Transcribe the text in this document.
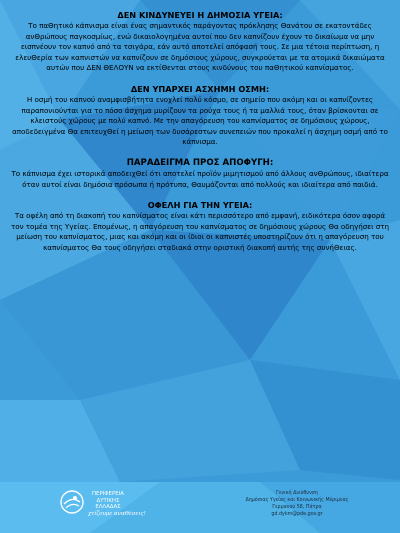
ΔΕΝ ΚΙΝΔΥΝΕΥΕΙ Η ΔΗΜΟΣΙΑ ΥΓΕΙΑ:

Το παΘητικό κάπνισμα είναι ένας σημαντικός παράγοντας πρόκλησης Θανάτου σε εκατοντάδες ανΘρώπους παγκοσμίως, ενώ δικαιολογημένα αυτοί που δεν καπνίζουν έχουν το δικαίωμα να μην εισπνέουν τον καπνό από τα τσιγάρα, εάν αυτό αποτελεί απόφασή τους. Σε μια τέτοια περίπτωση, η ελευΘερία των καπνιστών να καπνίζουν σε δημόσιους χώρους, συγκρούεται με τα ατομικά δικαιώματα αυτών που ΔΕΝ ΘΕΛΟΥΝ να εκτίΘενται στους κινδύνους του παΘητικού καπνίσματος.

ΔΕΝ ΥΠΑΡΧΕΙ ΑΣΧΗΜΗ ΟΣΜΗ:

Η οσμή του καπνού αναμφισβήτητα ενοχλεί πολύ κόσμο, σε σημείο που ακόμη και οι καπνίζοντες παραπονιούνται για το πόσο άσχημα μυρίζουν τα ρούχα τους ή τα μαλλιά τους, όταν βρίσκονται σε κλειστούς χώρους με πολύ καπνό. Με την απαγόρευση του καπνίσματος σε δημόσιους χώρους, αποδεδειγμένα Θα επιτευχΘεί η μείωση των δυσάρεστων συνεπειών που προκαλεί η άσχημη οσμή από το κάπνισμα.

ΠΑΡΑΔΕΙΓΜΑ ΠΡΟΣ ΑΠΟΦΥΓΗ:

Το κάπνισμα έχει ιστορικά αποδειχΘεί ότι αποτελεί προϊόν μιμητισμού από άλλους ανΘρώπους, ιδιαίτερα όταν αυτοί είναι δημόσια πρόσωπα ή πρότυπα, Θαυμάζονται από πολλούς και ιδιαίτερα από παιδιά.

ΟΦΕΛΗ ΓΙΑ ΤΗΝ ΥΓΕΙΑ:

Τα οφέλη από τη διακοπή του καπνίσματος είναι κάτι περισσότερο από εμφανή, ειδικότερα όσον αφορά τον τομέα της Υγείας. Επομένως, η απαγόρευση του καπνίσματος σε δημόσιους χώρους Θα οδηγήσει στη μείωση του καπνίσματος, μιας και ακόμη και οι ίδιοι οι καπνιστές υποστηρίζουν ότι η απαγόρευση του καπνίσματος Θα τους οδηγήσει σταδιακά στην οριστική διακοπή αυτής της συνήΘειας.

ΠΕΡΙΦΕΡΕΙΑ
ΔΥΤΙΚΗΣ
ΕΛΛΑΔΑΣ
χτίζουμε αναΘέσεις!
Γενική Διεύθυνση
Δημόσιας Υγείας και Κοινωνικής Μέριμνας
Γερμανού 58, Πάτρα
gd.dykm@pde.gov.gr
